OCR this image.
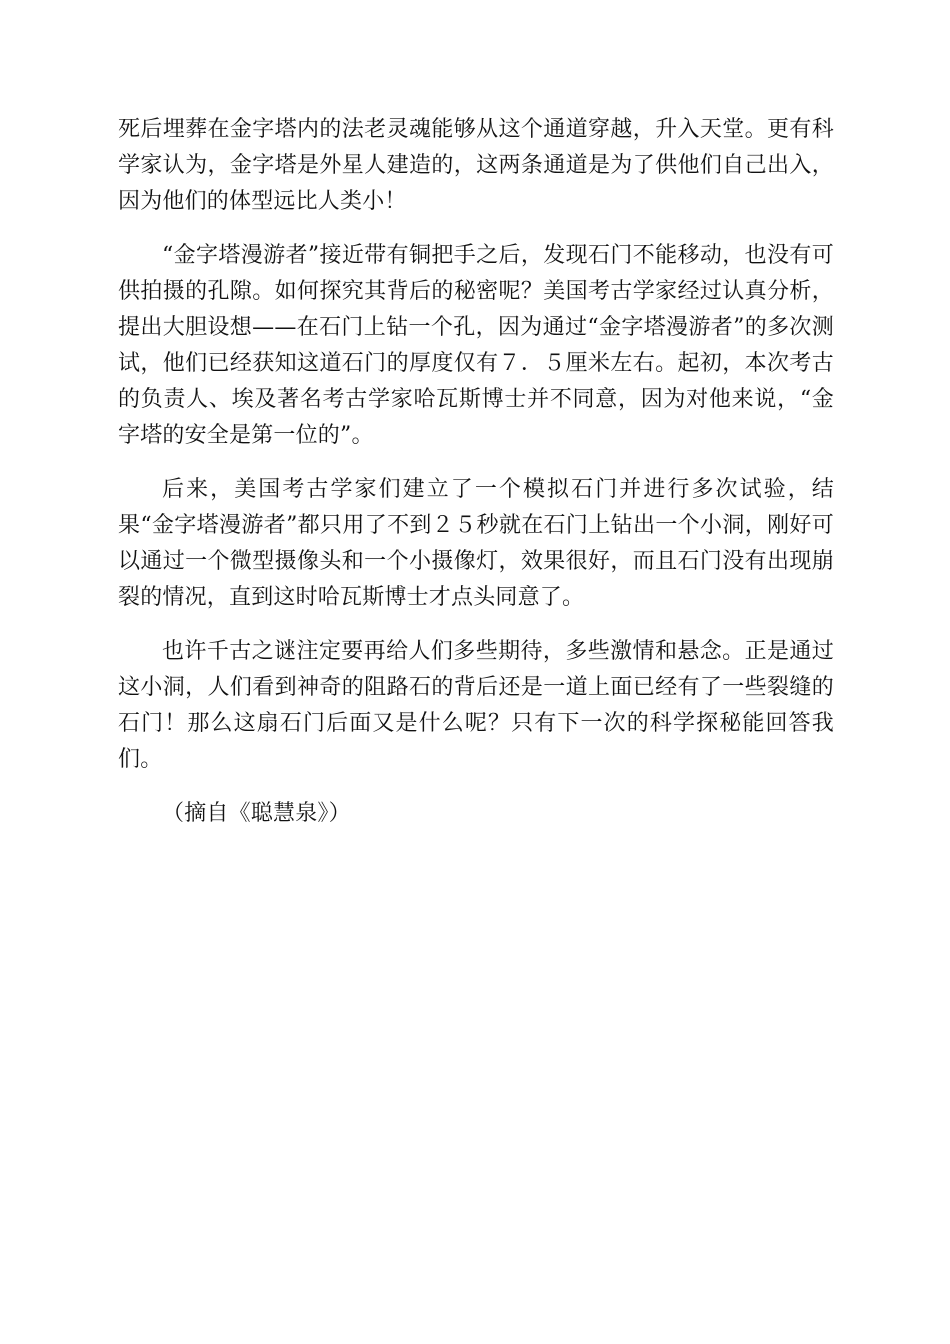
死后埋葬在金字塔内的法老灵魂能够从这个通道穿越，升入天堂。更有科学家认为，金字塔是外星人建造的，这两条通道是为了供他们自己出入，因为他们的体型远比人类小！

“金字塔漫游者”接近带有铜把手之后，发现石门不能移动，也没有可供拍摄的孔隙。如何探究其背后的秘密呢？美国考古学家经过认真分析，提出大胆设想——在石门上钻一个孔，因为通过“金字塔漫游者”的多次测试，他们已经获知这道石门的厚度仅有７．５厘米左右。起初，本次考古的负责人、埃及著名考古学家哈瓦斯博士并不同意，因为对他来说，“金字塔的安全是第一位的”。

后来，美国考古学家们建立了一个模拟石门并进行多次试验，结果“金字塔漫游者”都只用了不到２５秒就在石门上钻出一个小洞，刚好可以通过一个微型摄像头和一个小摄像灯，效果很好，而且石门没有出现崩裂的情况，直到这时哈瓦斯博士才点头同意了。

也许千古之谜注定要再给人们多些期待，多些激情和悬念。正是通过这小洞，人们看到神奇的阻路石的背后还是一道上面已经有了一些裂缝的石门！那么这扇石门后面又是什么呢？只有下一次的科学探秘能回答我们。

（摘自《聪慧泉》）
